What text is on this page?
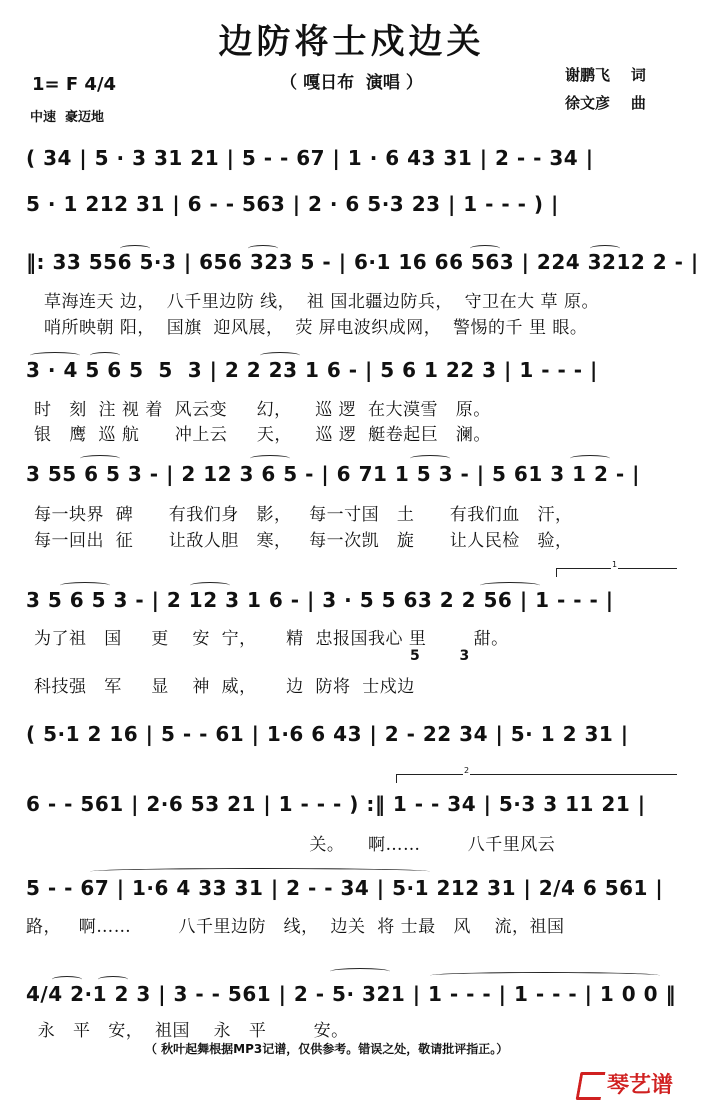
边防将士戍边关
（ 嘎日布  演唱 ）	谢鹏飞    词
徐文彦    曲
1= F 4/4
中速  豪迈地
( 34 | 5 · 3 31 21 | 5 - - 67 | 1 · 6 43 31 | 2 - - 34 |
5 · 1 212 31 | 6 - - 563 | 2 · 6 5·3 23 | 1 - - - ) |
‖: 33 556 5·3 | 656 323 5 - | 6·1 16 66 563 | 224 3212 2 - |
草海连天 边，  八千里边防 线，  祖 国北疆边防兵，  守卫在大 草 原。
哨所映朝 阳，  国旗  迎风展，  荧 屏电波织成网，  警惕的千 里 眼。
3 · 4 5 6 5  5  3 | 2 2 23 1 6 - | 5 6 1 22 3 | 1 - - - |
时   刻  注 视 着  风云变     幻，    巡 逻  在大漠雪   原。
银   鹰  巡 航      冲上云     天，    巡 逻  艇卷起巨   澜。
3 55 6 5 3 - | 2 12 3 6 5 - | 6 71 1 5 3 - | 5 61 3 1 2 - |
每一块界  碑      有我们身   影，   每一寸国   土      有我们血   汗，
每一回出  征      让敌人胆   寒，   每一次凯   旋      让人民检   验，
1
3 5 6 5 3 - | 2 12 3 1 6 - | 3 · 5 5 63 2 2 56 | 1 - - - |
为了祖   国     更    安  宁，     精  忠报国我心 里        甜。
5  3
科技强   军     显    神  威，     边  防将  士戍边
( 5·1 2 16 | 5 - - 61 | 1·6 6 43 | 2 - 22 34 | 5· 1 2 31 |
2
6 - - 561 | 2·6 53 21 | 1 - - - ) :‖ 1 - - 34 | 5·3 3 11 21 |
关。    啊……        八千里风云
5 - - 67 | 1·6 4 33 31 | 2 - - 34 | 5·1 212 31 | 2/4 6 561 |
路，   啊……        八千里边防   线，  边关  将 士最   风    流，祖国
4/4 2·1 2 3 | 3 - - 561 | 2 - 5· 321 | 1 - - - | 1 - - - | 1 0 0 ‖
永   平   安，  祖国    永   平        安。
（ 秋叶起舞根据MP3记谱，仅供参考。错误之处，敬请批评指正。）
琴艺谱
